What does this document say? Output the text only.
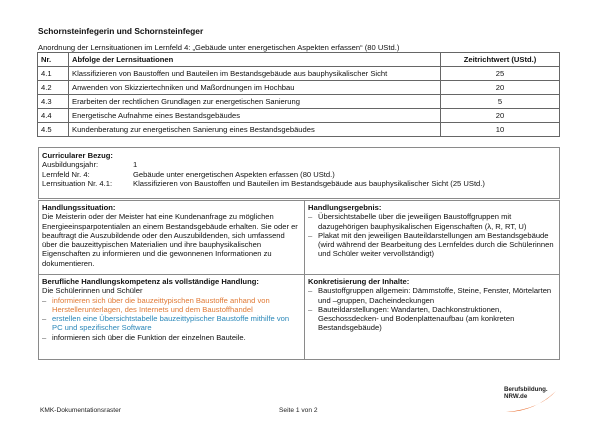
Schornsteinfegerin und Schornsteinfeger
Anordnung der Lernsituationen im Lernfeld 4: „Gebäude unter energetischen Aspekten erfassen“ (80 UStd.)
Nr.	Abfolge der Lernsituationen	Zeitrichtwert (UStd.)
4.1	Klassifizieren von Baustoffen und Bauteilen im Bestandsgebäude aus bauphysikalischer Sicht	25
4.2	Anwenden von Skizziertechniken und Maßordnungen im Hochbau	20
4.3	Erarbeiten der rechtlichen Grundlagen zur energetischen Sanierung	5
4.4	Energetische Aufnahme eines Bestandsgebäudes	20
4.5	Kundenberatung zur energetischen Sanierung eines Bestandsgebäudes	10
Curricularer Bezug:
Ausbildungsjahr:	1
Lernfeld Nr. 4:	Gebäude unter energetischen Aspekten erfassen (80 UStd.)
Lernsituation Nr. 4.1:	Klassifizieren von Baustoffen und Bauteilen im Bestandsgebäude aus bauphysikalischer Sicht (25 UStd.)
Handlungssituation:
Die Meisterin oder der Meister hat eine Kundenanfrage zu möglichen Energieeinsparpotentialen an einem Bestandsgebäude erhalten. Sie oder er beauftragt die Auszubildende oder den Auszubildenden, sich umfassend über die bauzeittypischen Materialien und ihre bauphysikalischen Eigenschaften zu informieren und die gewonnenen Informationen zu dokumentieren.
Handlungsergebnis:
– Übersichtstabelle über die jeweiligen Baustoffgruppen mit dazugehörigen bauphysikalischen Eigenschaften (λ, R, RT, U)
– Plakat mit den jeweiligen Bauteildarstellungen am Bestandsgebäude (wird während der Bearbeitung des Lernfeldes durch die Schülerinnen und Schüler weiter vervollständigt)
Berufliche Handlungskompetenz als vollständige Handlung:
Die Schülerinnen und Schüler
– informieren sich über die bauzeittypischen Baustoffe anhand von Herstellerunterlagen, des Internets und dem Baustoffhandel
– erstellen eine Übersichtstabelle bauzeittypischer Baustoffe mithilfe von PC und spezifischer Software
– informieren sich über die Funktion der einzelnen Bauteile.
Konkretisierung der Inhalte:
– Baustoffgruppen allgemein: Dämmstoffe, Steine, Fenster, Mörtelarten und –gruppen, Dacheindeckungen
– Bauteildarstellungen: Wandarten, Dachkonstruktionen, Geschossdecken- und Bodenplattenaufbau (am konkreten Bestandsgebäude)
KMK-Dokumentationsraster	Seite 1 von 2
Berufsbildung.
NRW.de
